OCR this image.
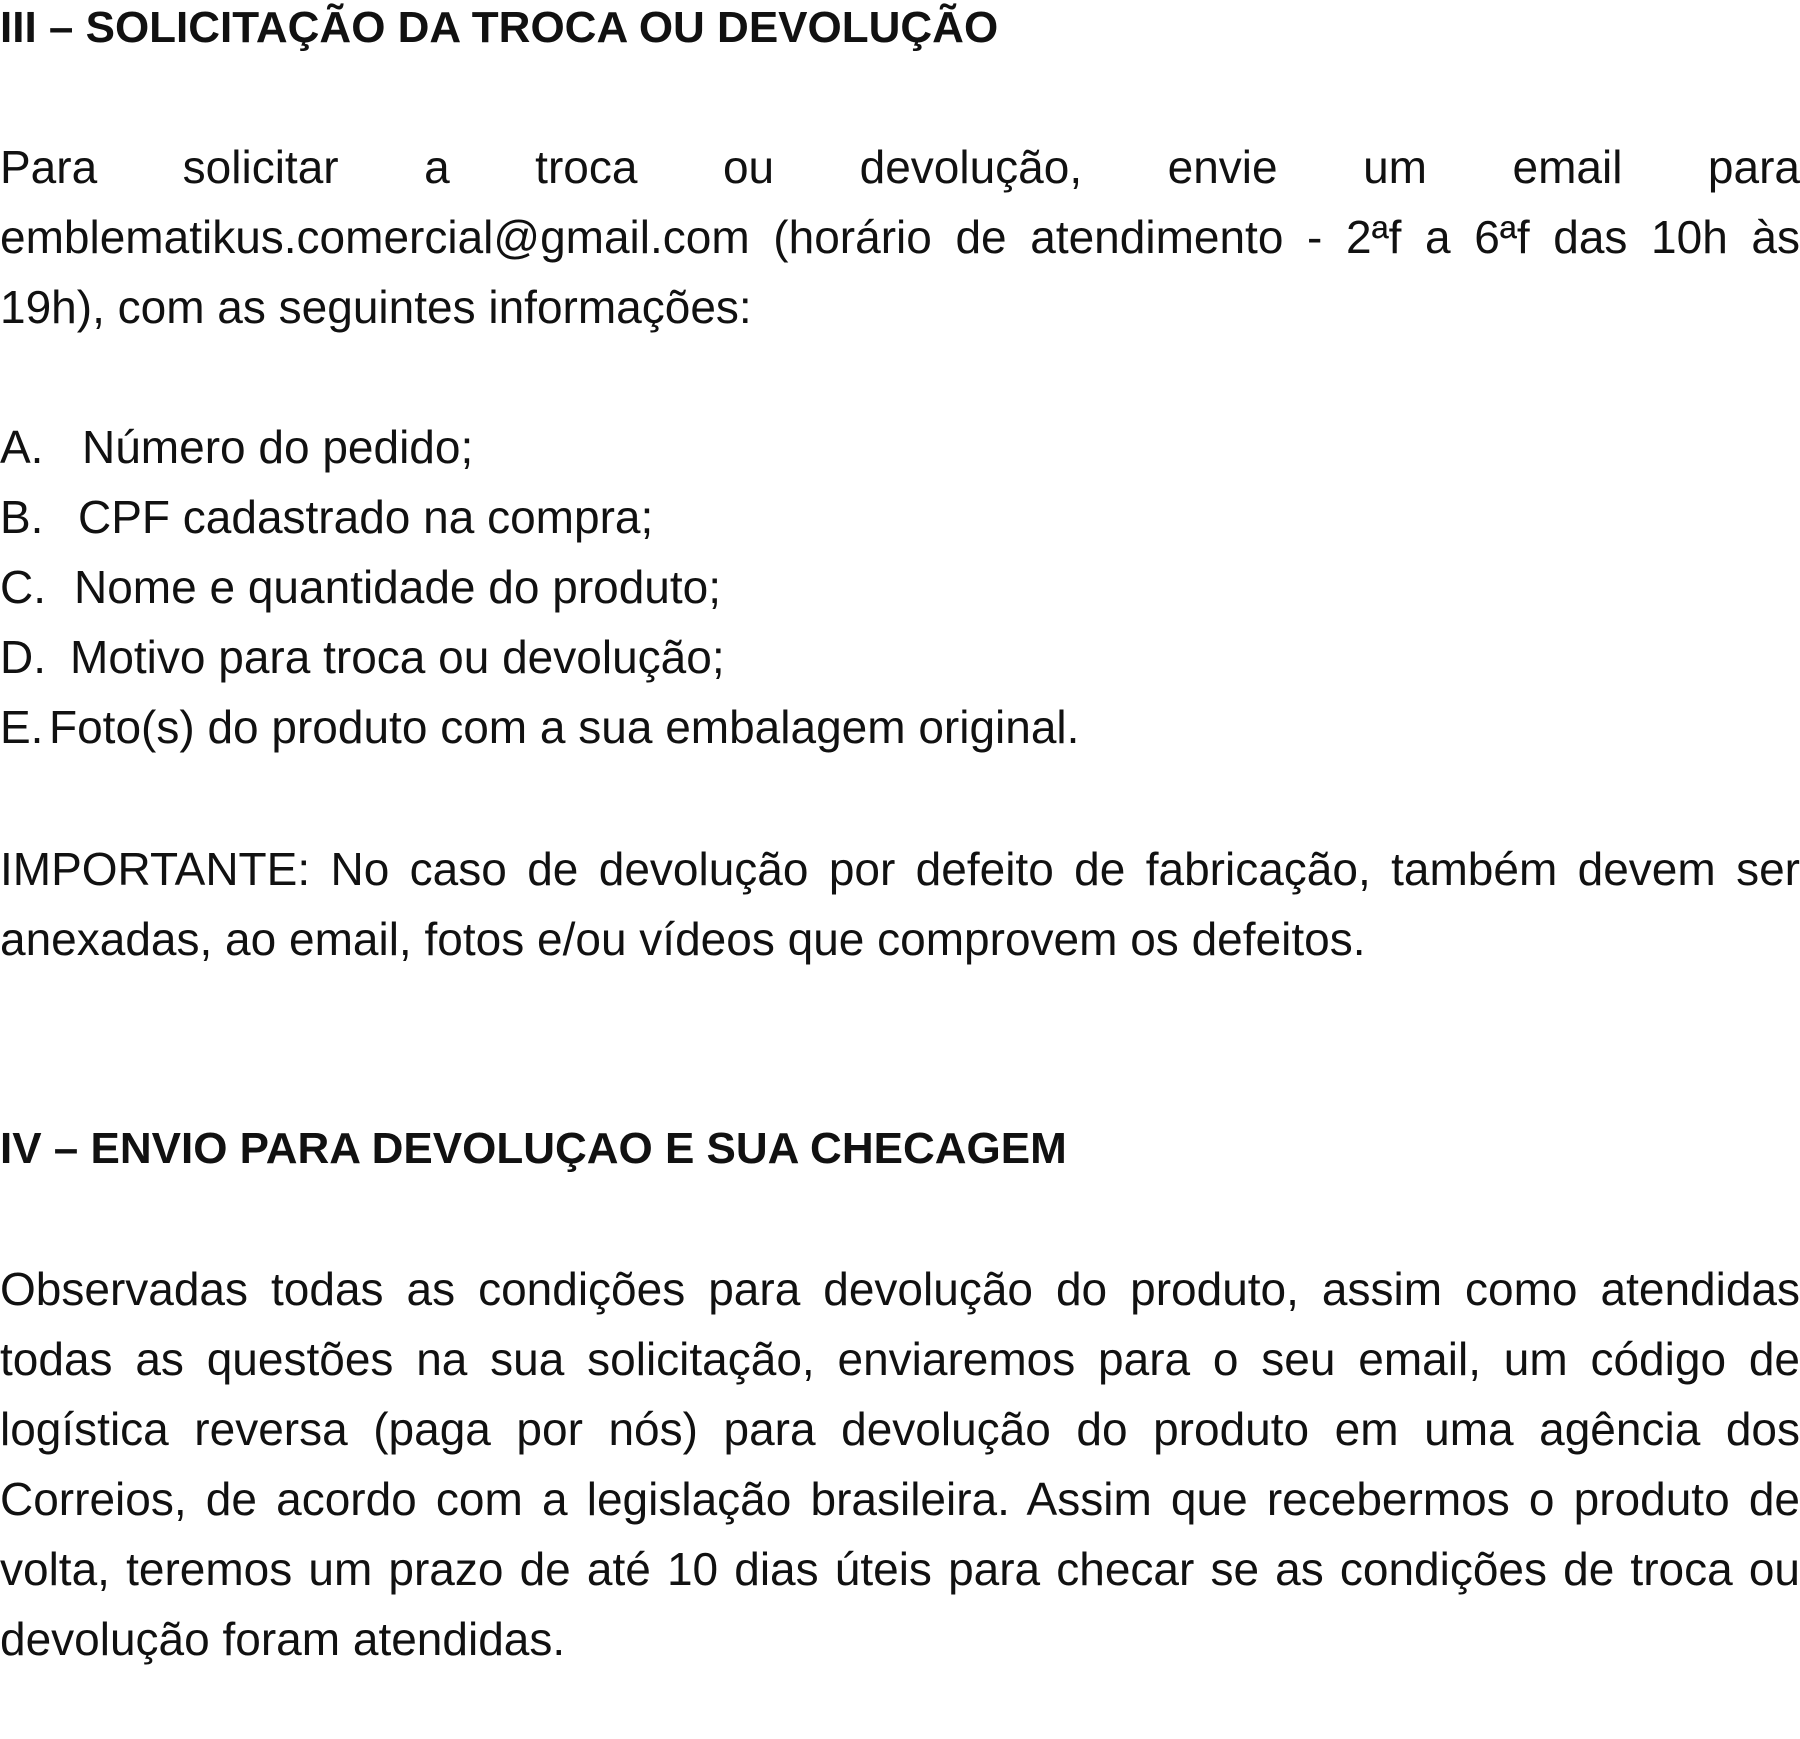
III – SOLICITAÇÃO DA TROCA OU DEVOLUÇÃO

Para solicitar a troca ou devolução, envie um email para emblematikus.comercial@gmail.com (horário de atendimento - 2ªf a 6ªf das 10h às 19h), com as seguintes informações:

A. Número do pedido;
B. CPF cadastrado na compra;
C. Nome e quantidade do produto;
D. Motivo para troca ou devolução;
E. Foto(s) do produto com a sua embalagem original.

IMPORTANTE: No caso de devolução por defeito de fabricação, também devem ser anexadas, ao email, fotos e/ou vídeos que comprovem os defeitos.

IV – ENVIO PARA DEVOLUÇAO E SUA CHECAGEM

Observadas todas as condições para devolução do produto, assim como atendidas todas as questões na sua solicitação, enviaremos para o seu email, um código de logística reversa (paga por nós) para devolução do produto em uma agência dos Correios, de acordo com a legislação brasileira. Assim que recebermos o produto de volta, teremos um prazo de até 10 dias úteis para checar se as condições de troca ou devolução foram atendidas.
